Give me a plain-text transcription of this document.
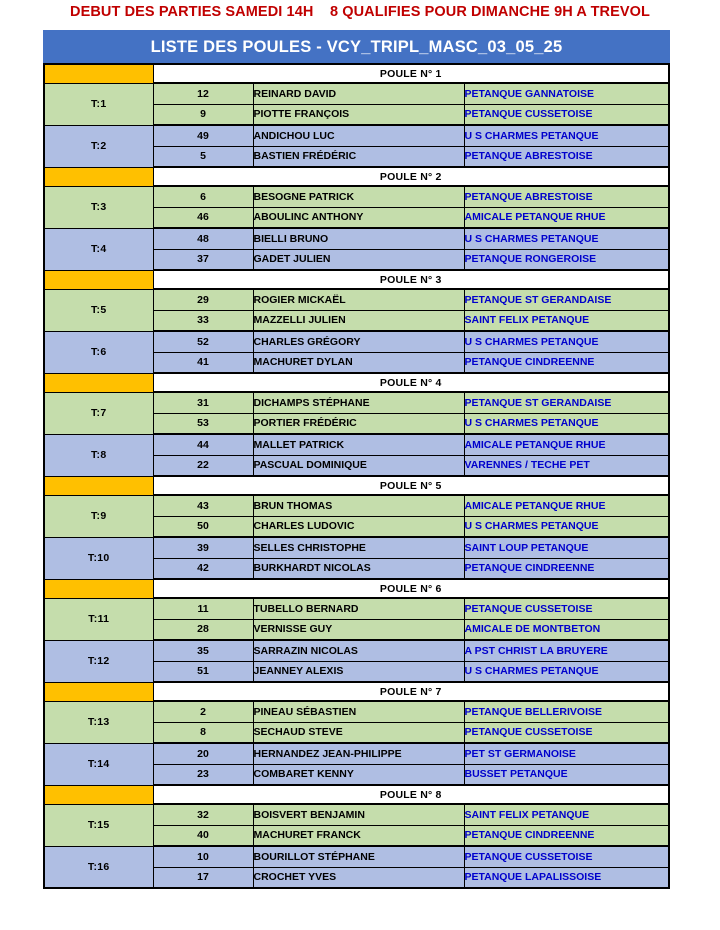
DEBUT DES PARTIES SAMEDI 14H    8 QUALIFIES POUR DIMANCHE 9H A TREVOL
LISTE DES POULES - VCY_TRIPL_MASC_03_05_25
	POULE N° 1		
T:1	12	REINARD DAVID	PETANQUE GANNATOISE
	9	PIOTTE FRANÇOIS	PETANQUE CUSSETOISE
T:2	49	ANDICHOU LUC	U S CHARMES PETANQUE
	5	BASTIEN FRÉDÉRIC	PETANQUE ABRESTOISE
	POULE N° 2		
T:3	6	BESOGNE PATRICK	PETANQUE ABRESTOISE
	46	ABOULINC ANTHONY	AMICALE PETANQUE RHUE
T:4	48	BIELLI BRUNO	U S CHARMES PETANQUE
	37	GADET JULIEN	PETANQUE RONGEROISE
	POULE N° 3		
T:5	29	ROGIER MICKAËL	PETANQUE ST GERANDAISE
	33	MAZZELLI JULIEN	SAINT FELIX PETANQUE
T:6	52	CHARLES GRÉGORY	U S CHARMES PETANQUE
	41	MACHURET DYLAN	PETANQUE CINDREENNE
	POULE N° 4		
T:7	31	DICHAMPS STÉPHANE	PETANQUE ST GERANDAISE
	53	PORTIER FRÉDÉRIC	U S CHARMES PETANQUE
T:8	44	MALLET PATRICK	AMICALE PETANQUE RHUE
	22	PASCUAL DOMINIQUE	VARENNES / TECHE PET
	POULE N° 5		
T:9	43	BRUN THOMAS	AMICALE PETANQUE RHUE
	50	CHARLES LUDOVIC	U S CHARMES PETANQUE
T:10	39	SELLES CHRISTOPHE	SAINT LOUP PETANQUE
	42	BURKHARDT NICOLAS	PETANQUE CINDREENNE
	POULE N° 6		
T:11	11	TUBELLO BERNARD	PETANQUE CUSSETOISE
	28	VERNISSE GUY	AMICALE DE MONTBETON
T:12	35	SARRAZIN NICOLAS	A PST CHRIST LA BRUYERE
	51	JEANNEY ALEXIS	U S CHARMES PETANQUE
	POULE N° 7		
T:13	2	PINEAU SÉBASTIEN	PETANQUE BELLERIVOISE
	8	SECHAUD STEVE	PETANQUE CUSSETOISE
T:14	20	HERNANDEZ JEAN-PHILIPPE	PET ST GERMANOISE
	23	COMBARET KENNY	BUSSET PETANQUE
	POULE N° 8		
T:15	32	BOISVERT BENJAMIN	SAINT FELIX PETANQUE
	40	MACHURET FRANCK	PETANQUE CINDREENNE
T:16	10	BOURILLOT STÉPHANE	PETANQUE CUSSETOISE
	17	CROCHET YVES	PETANQUE LAPALISSOISE
